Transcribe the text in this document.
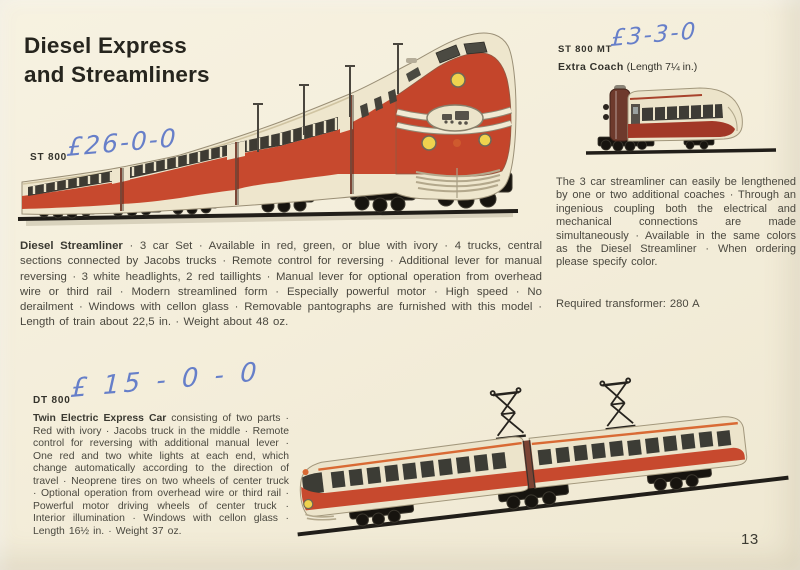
Diesel Express
and Streamliners
ST 800
£26-0-0
Diesel Streamliner · 3 car Set · Available in red, green, or blue with ivory · 4 trucks, central sections connected by Jacobs trucks · Remote control for reversing · Additional lever for manual reversing · 3 white headlights, 2 red taillights · Manual lever for optional operation from overhead wire or third rail · Modern streamlined form · Especially powerful motor · High speed · No derailment · Windows with cellon glass · Removable pantographs are furnished with this model · Length of train about 22,5 in. · Weight about 48 oz.
ST 800 MT
£3-3-0
Extra Coach (Length 7¼ in.)
The 3 car streamliner can easily be lengthened by one or two additional coaches · Through an ingenious coupling both the electrical and mechanical connections are made simultaneously · Available in the same colors as the Diesel Streamliner · When ordering please specify color.
Required transformer: 280 A
DT 800 £ 15 - 0 - 0
Twin Electric Express Car consisting of two parts · Red with ivory · Jacobs truck in the middle · Remote control for reversing with additional manual lever · One red and two white lights at each end, which change automatically according to the direction of travel · Neoprene tires on two wheels of center truck · Optional operation from overhead wire or third rail · Powerful motor driving wheels of center truck · Interior illumination · Windows with cellon glass · Length 16½ in. · Weight 37 oz.	13
